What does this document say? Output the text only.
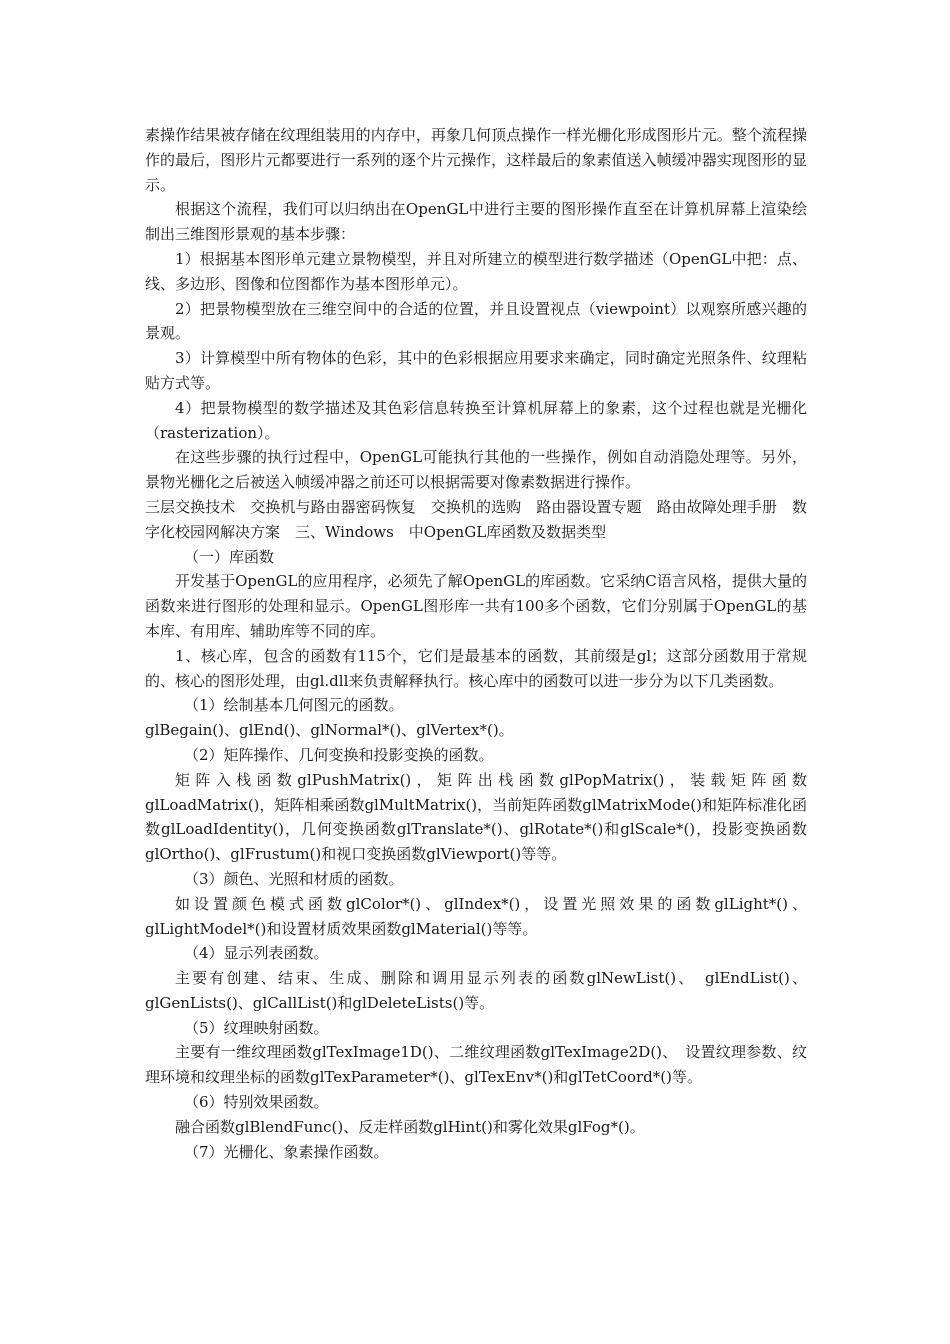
素操作结果被存储在纹理组装用的内存中，再象几何顶点操作一样光栅化形成图形片元。整个流程操作的最后，图形片元都要进行一系列的逐个片元操作，这样最后的象素值送入帧缓冲器实现图形的显示。

根据这个流程，我们可以归纳出在OpenGL中进行主要的图形操作直至在计算机屏幕上渲染绘制出三维图形景观的基本步骤：

1）根据基本图形单元建立景物模型，并且对所建立的模型进行数学描述（OpenGL中把：点、线、多边形、图像和位图都作为基本图形单元）。

2）把景物模型放在三维空间中的合适的位置，并且设置视点（viewpoint）以观察所感兴趣的景观。

3）计算模型中所有物体的色彩，其中的色彩根据应用要求来确定，同时确定光照条件、纹理粘贴方式等。

4）把景物模型的数学描述及其色彩信息转换至计算机屏幕上的象素，这个过程也就是光栅化（rasterization）。

在这些步骤的执行过程中，OpenGL可能执行其他的一些操作，例如自动消隐处理等。另外，景物光栅化之后被送入帧缓冲器之前还可以根据需要对像素数据进行操作。

三层交换技术　交换机与路由器密码恢复　交换机的选购　路由器设置专题　路由故障处理手册　数字化校园网解决方案　三、Windows　中OpenGL库函数及数据类型

（一）库函数

开发基于OpenGL的应用程序，必须先了解OpenGL的库函数。它采纳C语言风格，提供大量的函数来进行图形的处理和显示。OpenGL图形库一共有100多个函数，它们分别属于OpenGL的基本库、有用库、辅助库等不同的库。

1、核心库，包含的函数有115个，它们是最基本的函数，其前缀是gl；这部分函数用于常规的、核心的图形处理，由gl.dll来负责解释执行。核心库中的函数可以进一步分为以下几类函数。

（1）绘制基本几何图元的函数。

glBegain()、glEnd()、glNormal*()、glVertex*()。

（2）矩阵操作、几何变换和投影变换的函数。

矩阵入栈函数glPushMatrix()，矩阵出栈函数glPopMatrix()，装载矩阵函数glLoadMatrix()，矩阵相乘函数glMultMatrix()，当前矩阵函数glMatrixMode()和矩阵标准化函数glLoadIdentity()，几何变换函数glTranslate*()、glRotate*()和glScale*()，投影变换函数glOrtho()、glFrustum()和视口变换函数glViewport()等等。

（3）颜色、光照和材质的函数。

如设置颜色模式函数glColor*()、glIndex*()，设置光照效果的函数glLight*()、glLightModel*()和设置材质效果函数glMaterial()等等。

（4）显示列表函数。

主要有创建、结束、生成、删除和调用显示列表的函数glNewList()、　glEndList()、glGenLists()、glCallList()和glDeleteLists()等。

（5）纹理映射函数。

主要有一维纹理函数glTexImage1D()、二维纹理函数glTexImage2D()、　设置纹理参数、纹理环境和纹理坐标的函数glTexParameter*()、glTexEnv*()和glTetCoord*()等。

（6）特别效果函数。

融合函数glBlendFunc()、反走样函数glHint()和雾化效果glFog*()。

（7）光栅化、象素操作函数。
